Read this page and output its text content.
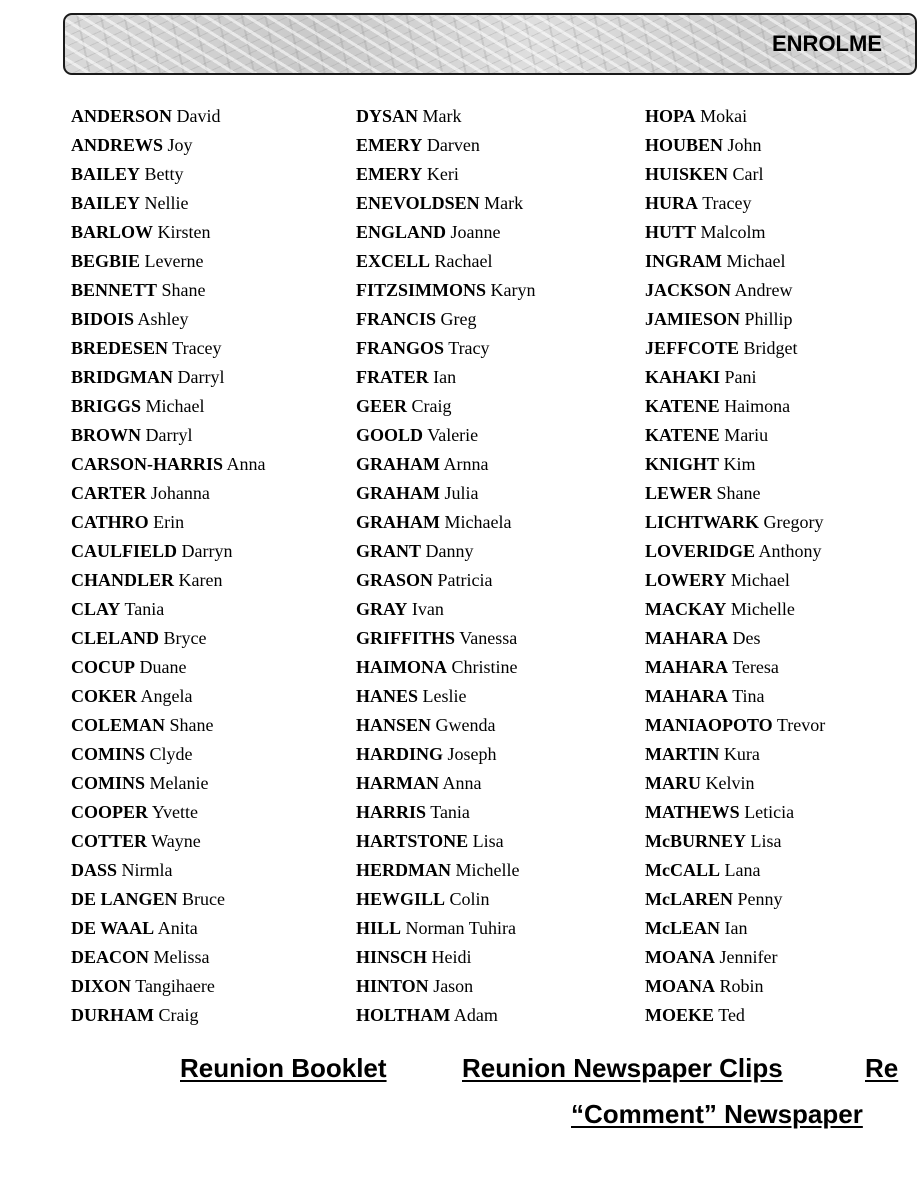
ENROLME
ANDERSON David
ANDREWS Joy
BAILEY Betty
BAILEY Nellie
BARLOW Kirsten
BEGBIE Leverne
BENNETT Shane
BIDOIS Ashley
BREDESEN Tracey
BRIDGMAN Darryl
BRIGGS Michael
BROWN Darryl
CARSON-HARRIS Anna
CARTER Johanna
CATHRO Erin
CAULFIELD Darryn
CHANDLER Karen
CLAY Tania
CLELAND Bryce
COCUP Duane
COKER Angela
COLEMAN Shane
COMINS Clyde
COMINS Melanie
COOPER Yvette
COTTER Wayne
DASS Nirmla
DE LANGEN Bruce
DE WAAL Anita
DEACON Melissa
DIXON Tangihaere
DURHAM Craig
DYSAN Mark
EMERY Darven
EMERY Keri
ENEVOLDSEN Mark
ENGLAND Joanne
EXCELL Rachael
FITZSIMMONS Karyn
FRANCIS Greg
FRANGOS Tracy
FRATER Ian
GEER Craig
GOOLD Valerie
GRAHAM Arnna
GRAHAM Julia
GRAHAM Michaela
GRANT Danny
GRASON Patricia
GRAY Ivan
GRIFFITHS Vanessa
HAIMONA Christine
HANES Leslie
HANSEN Gwenda
HARDING Joseph
HARMAN Anna
HARRIS Tania
HARTSTONE Lisa
HERDMAN Michelle
HEWGILL Colin
HILL Norman Tuhira
HINSCH Heidi
HINTON Jason
HOLTHAM Adam
HOPA Mokai
HOUBEN John
HUISKEN Carl
HURA Tracey
HUTT Malcolm
INGRAM Michael
JACKSON Andrew
JAMIESON Phillip
JEFFCOTE Bridget
KAHAKI Pani
KATENE Haimona
KATENE Mariu
KNIGHT Kim
LEWER Shane
LICHTWARK Gregory
LOVERIDGE Anthony
LOWERY Michael
MACKAY Michelle
MAHARA Des
MAHARA Teresa
MAHARA Tina
MANIAOPOTO Trevor
MARTIN Kura
MARU Kelvin
MATHEWS Leticia
McBURNEY Lisa
McCALL Lana
McLAREN Penny
McLEAN Ian
MOANA Jennifer
MOANA Robin
MOEKE Ted
Reunion Booklet	Reunion Newspaper Clips	Re
“Comment” Newspaper
